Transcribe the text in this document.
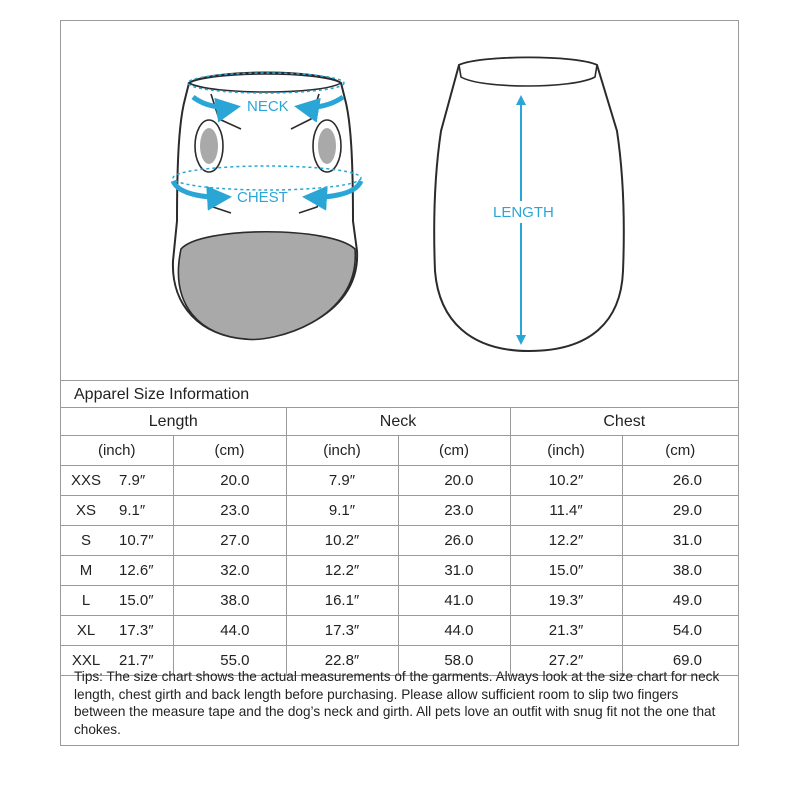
NECK
CHEST
LENGTH
Apparel Size Information
Length		Neck		Chest	
(inch)	(cm)	(inch)	(cm)	(inch)	(cm)
XXS 7.9″	20.0	7.9″	20.0	10.2″	26.0
XS 9.1″	23.0	9.1″	23.0	11.4″	29.0
S 10.7″	27.0	10.2″	26.0	12.2″	31.0
M 12.6″	32.0	12.2″	31.0	15.0″	38.0
L 15.0″	38.0	16.1″	41.0	19.3″	49.0
XL 17.3″	44.0	17.3″	44.0	21.3″	54.0
XXL 21.7″	55.0	22.8″	58.0	27.2″	69.0
Tips: The size chart shows the actual measurements of the garments. Always look at the size chart for neck length, chest girth and back length before purchasing. Please allow sufficient room to slip two fingers between the measure tape and the dog’s neck and girth. All pets love an outfit with snug fit not the one that chokes.
